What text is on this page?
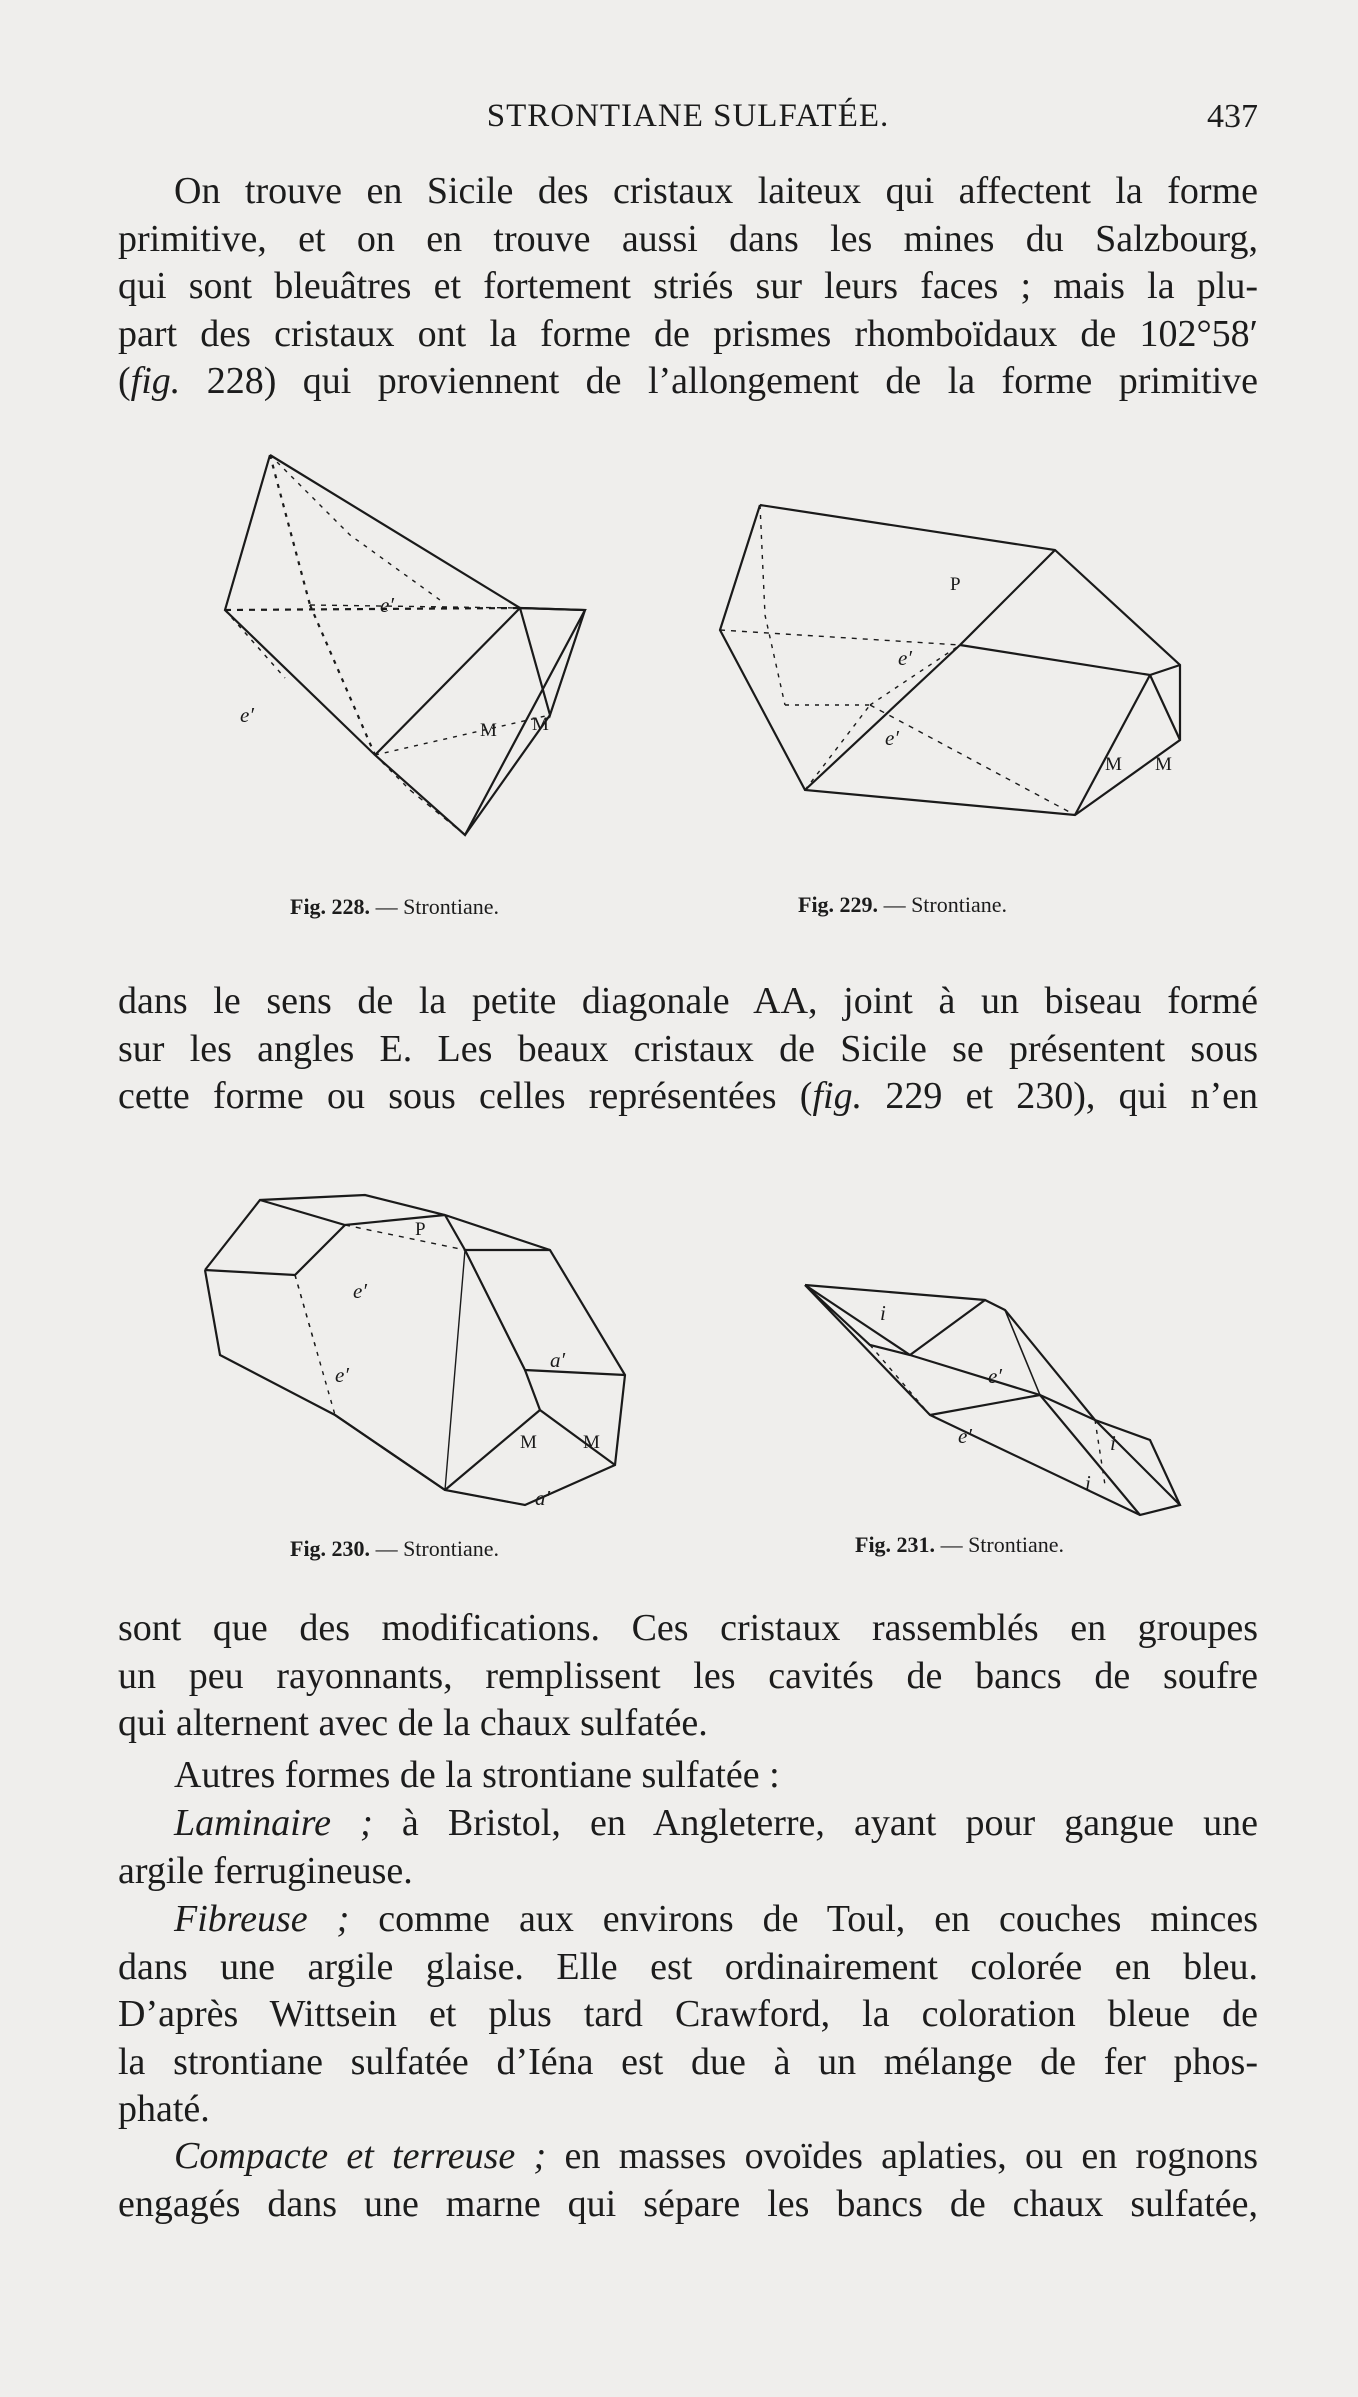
STRONTIANE SULFATÉE.	437
On trouve en Sicile des cristaux laiteux qui affectent la forme
primitive, et on en trouve aussi dans les mines du Salzbourg,
qui sont bleuâtres et fortement striés sur leurs faces ; mais la plu-
part des cristaux ont la forme de prismes rhomboïdaux de 102°58′
(fig. 228) qui proviennent de l’allongement de la forme primitive
e′
e′
M M
Fig. 228. — Strontiane.
P
e′
e′
M M
Fig. 229. — Strontiane.
dans le sens de la petite diagonale AA, joint à un biseau formé
sur les angles E. Les beaux cristaux de Sicile se présentent sous
cette forme ou sous celles représentées (fig. 229 et 230), qui n’en
P
e′
e′
a′
M M
a′
Fig. 230. — Strontiane.
i
e′
e′	i
i
Fig. 231. — Strontiane.
sont que des modifications. Ces cristaux rassemblés en groupes
un peu rayonnants, remplissent les cavités de bancs de soufre
qui alternent avec de la chaux sulfatée.
Autres formes de la strontiane sulfatée :
Laminaire ; à Bristol, en Angleterre, ayant pour gangue une
argile ferrugineuse.
Fibreuse ; comme aux environs de Toul, en couches minces
dans une argile glaise. Elle est ordinairement colorée en bleu.
D’après Wittsein et plus tard Crawford, la coloration bleue de
la strontiane sulfatée d’Iéna est due à un mélange de fer phos-
phaté.
Compacte et terreuse ; en masses ovoïdes aplaties, ou en rognons
engagés dans une marne qui sépare les bancs de chaux sulfatée,
